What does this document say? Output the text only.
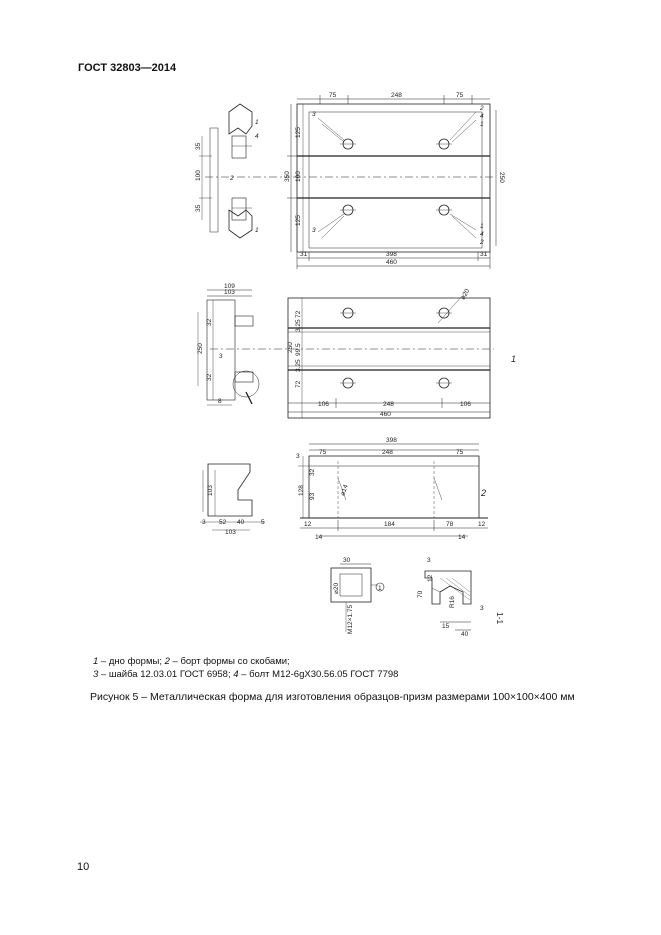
ГОСТ 32803—2014
75	248	75
31	398	31
460
125
100
125
350	250
35
100
35
3
4
1
3
1
2
2
4
1
1
4
2
109
103
72
3.25
99.5
3.25
72
250
32
250
32
3
8	106	248	106
460
⌀20
1
398
75	248	75
3
32
128
93	⌀14
12
14
184	78	12
14
2
103
3 52 40	5
103
30
⌀20
M12×1.75
1
3
12
70
R16
3
15
40
1-1
1 – дно формы; 2 – борт формы со скобами;
3 – шайба 12.03.01 ГОСТ 6958; 4 – болт М12-6gX30.56.05 ГОСТ 7798
Рисунок 5 – Металлическая форма для изготовления образцов-призм размерами 100×100×400 мм
10
